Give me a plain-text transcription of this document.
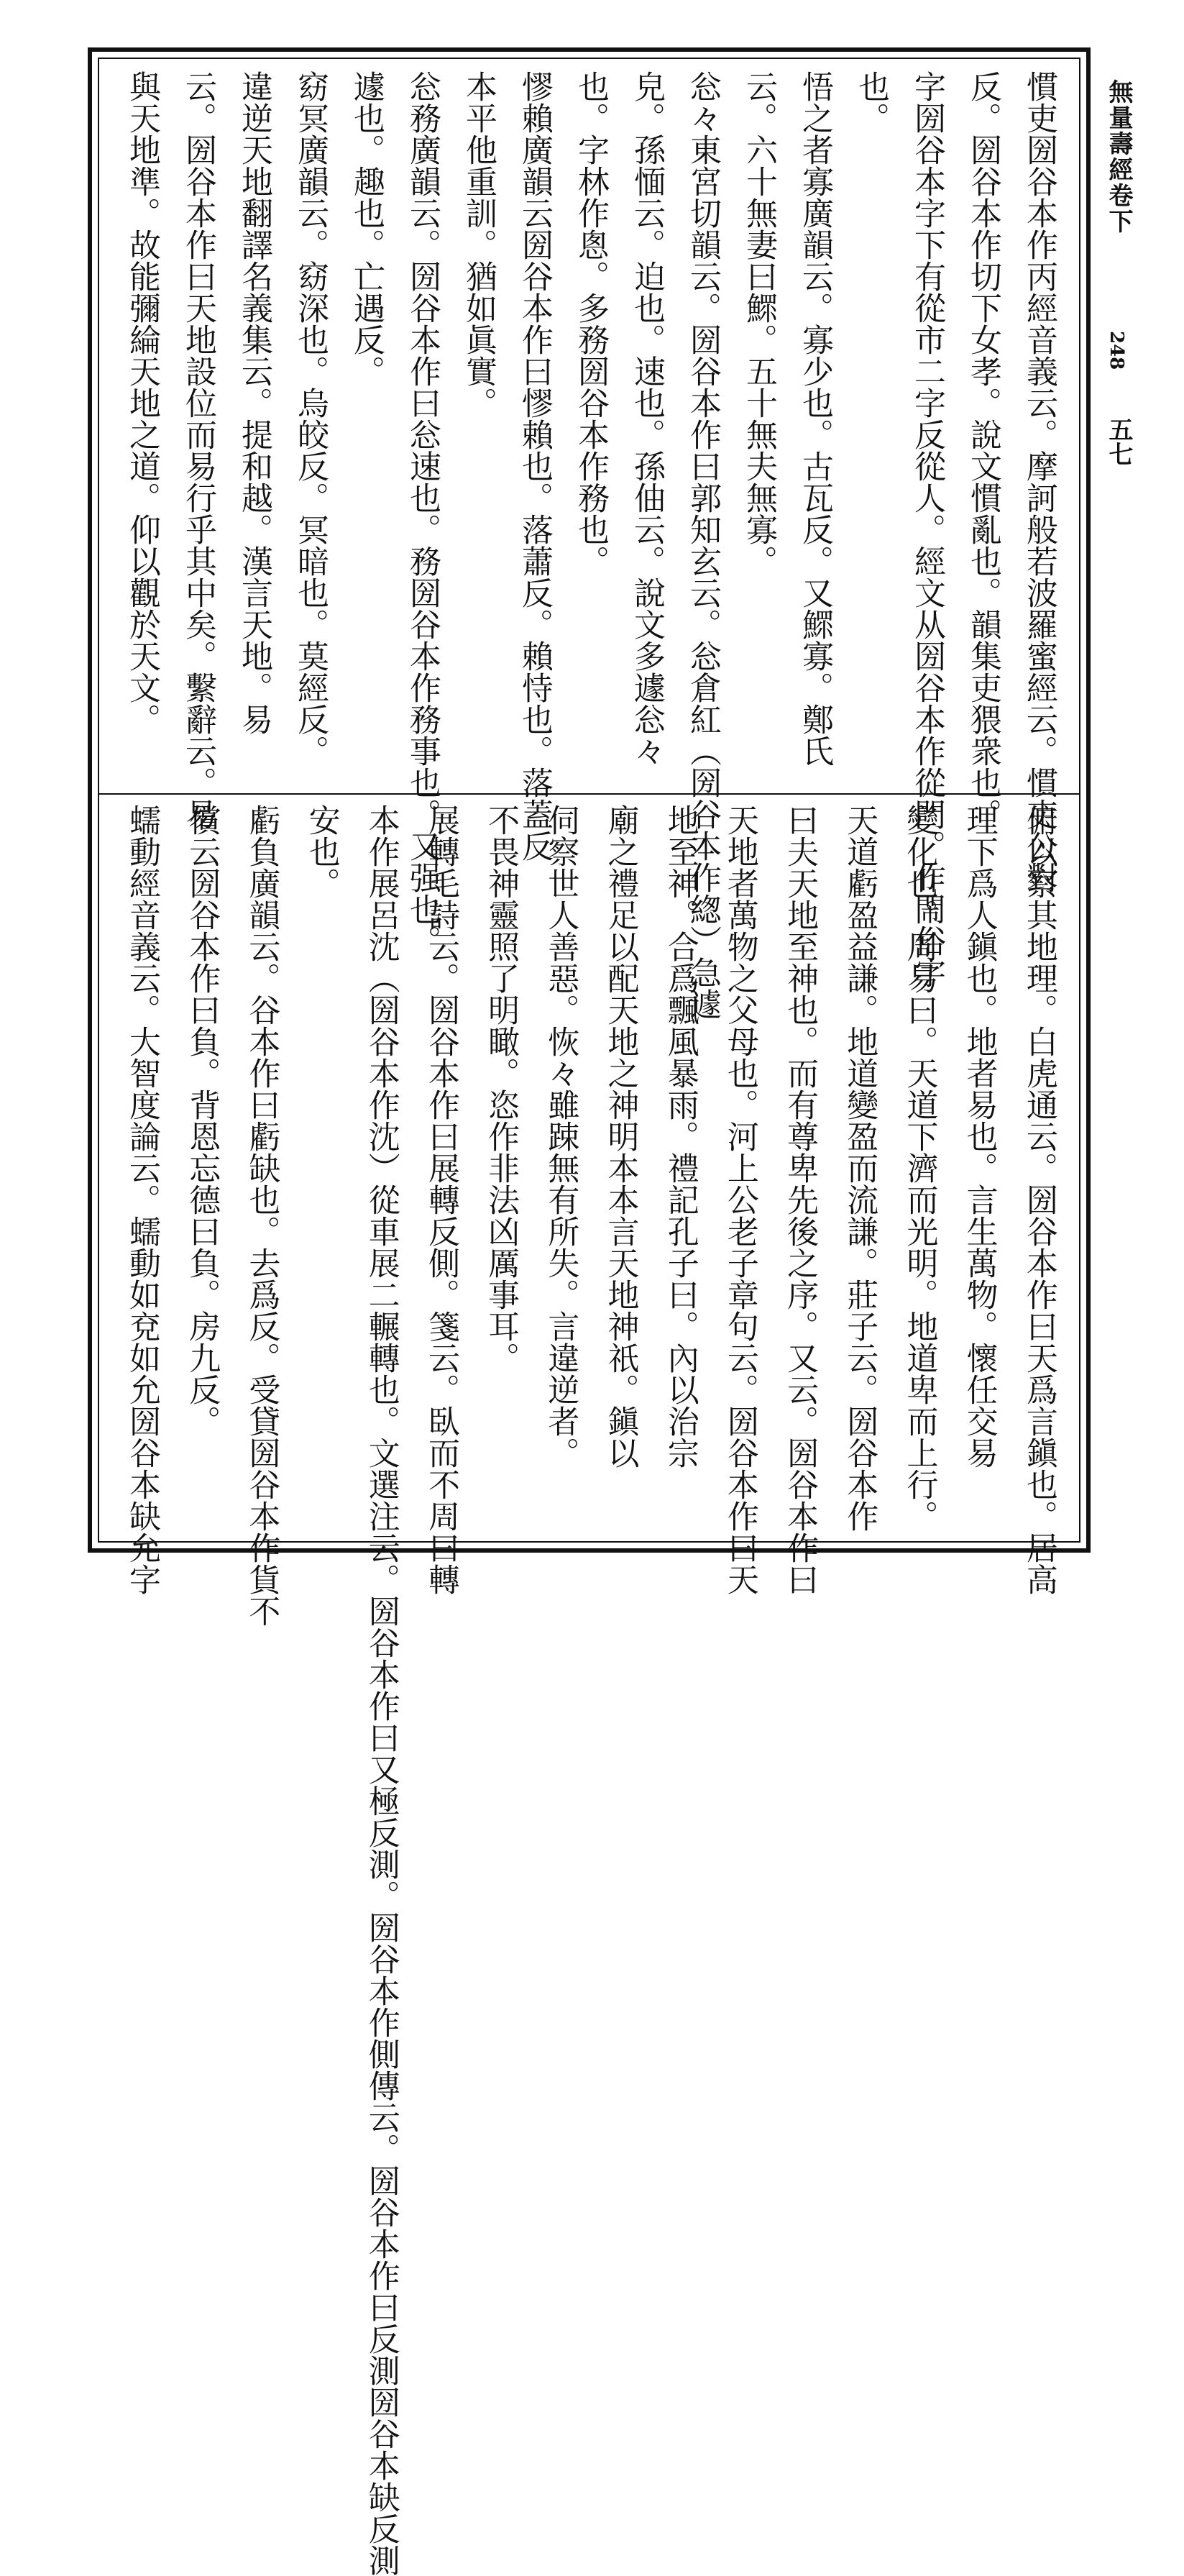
無量壽經卷下
248
五七
慣吏圀谷本作丙經音義云。摩訶般若波羅蜜經云。慣吏公對
反。圀谷本作切下女孝。說文慣亂也。韻集吏猥衆也。
字圀谷本字下有從市二字反從人。經文从圀谷本作從門。作閙俗字
也。
悟之者寡廣韻云。寡少也。古瓦反。又鰥寡。鄭氏
云。六十無妻曰鰥。五十無夫無寡。
忩々東宮切韻云。圀谷本作曰郭知玄云。忩倉紅（圀谷本作緫）急遽
皃。孫愐云。迫也。速也。孫伷云。說文多遽忩々
也。字林作悤。多務圀谷本作務也。
憀賴廣韻云圀谷本作曰憀賴也。落蕭反。賴恃也。落蓋反
本平他重訓。猶如眞實。
忩務廣韻云。圀谷本作曰忩速也。務圀谷本作務事也。又强也。
遽也。趣也。亡遇反。
窈冥廣韻云。窈深也。烏皎反。冥暗也。莫經反。
違逆天地翻譯名義集云。提和越。漢言天地。易
云。圀谷本作曰天地設位而易行乎其中矣。繫辭云。易
與天地準。故能彌綸天地之道。仰以觀於天文。
俯以察其地理。白虎通云。圀谷本作曰天爲言鎭也。居高
理下爲人鎭也。地者易也。言生萬物。懷任交易
變化也。周易曰。天道下濟而光明。地道卑而上行。
天道虧盈益謙。地道變盈而流謙。莊子云。圀谷本作
曰夫天地至神也。而有尊卑先後之序。又云。圀谷本作曰
天地者萬物之父母也。河上公老子章句云。圀谷本作曰天
地至神。合爲飄風暴雨。禮記孔子曰。內以治宗
廟之禮足以配天地之神明本本言天地神祇。鎭以
伺察世人善惡。恢々雖踈無有所失。言違逆者。
不畏神靈照了明瞰。恣作非法凶厲事耳。
展轉毛詩云。圀谷本作曰展轉反側。箋云。臥而不周曰轉
本作展呂沈（圀谷本作沈）從車展二輾轉也。文選注云。圀谷本作曰又極反測。圀谷本作側傳云。圀谷本作曰反測圀谷本缺反測
安也。
虧負廣韻云。谷本作曰虧缺也。去爲反。受貸圀谷本作貨不
償云圀谷本作曰負。背恩忘德曰負。房九反。
蠕動經音義云。大智度論云。蠕動如兗如允圀谷本缺允字
